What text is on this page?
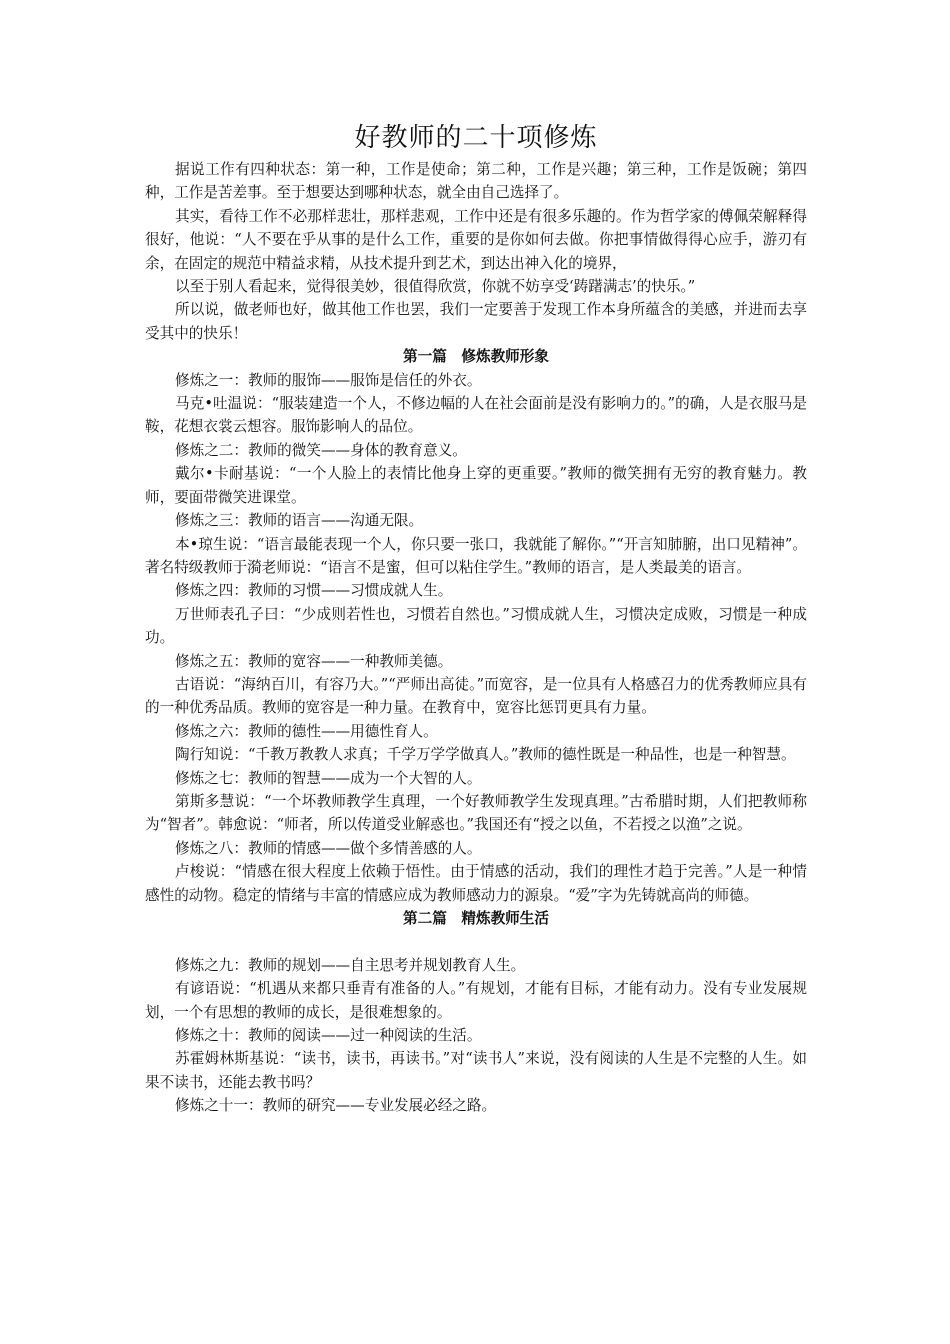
好教师的二十项修炼

据说工作有四种状态：第一种，工作是使命；第二种，工作是兴趣；第三种，工作是饭碗；第四种，工作是苦差事。至于想要达到哪种状态，就全由自己选择了。

其实，看待工作不必那样悲壮，那样悲观，工作中还是有很多乐趣的。作为哲学家的傅佩荣解释得很好，他说：“人不要在乎从事的是什么工作，重要的是你如何去做。你把事情做得得心应手，游刃有余，在固定的规范中精益求精，从技术提升到艺术，到达出神入化的境界，

以至于别人看起来，觉得很美妙，很值得欣赏，你就不妨享受‘踌躇满志’的快乐。”

所以说，做老师也好，做其他工作也罢，我们一定要善于发现工作本身所蕴含的美感，并进而去享受其中的快乐！

第一篇　修炼教师形象

修炼之一：教师的服饰——服饰是信任的外衣。

马克•吐温说：“服装建造一个人，不修边幅的人在社会面前是没有影响力的。”的确，人是衣服马是鞍，花想衣裳云想容。服饰影响人的品位。

修炼之二：教师的微笑——身体的教育意义。

戴尔•卡耐基说：“一个人脸上的表情比他身上穿的更重要。”教师的微笑拥有无穷的教育魅力。教师，要面带微笑进课堂。

修炼之三：教师的语言——沟通无限。

本•琼生说：“语言最能表现一个人，你只要一张口，我就能了解你。”“开言知肺腑，出口见精神”。著名特级教师于漪老师说：“语言不是蜜，但可以粘住学生。”教师的语言，是人类最美的语言。

修炼之四：教师的习惯——习惯成就人生。

万世师表孔子曰：“少成则若性也，习惯若自然也。”习惯成就人生，习惯决定成败，习惯是一种成功。

修炼之五：教师的宽容——一种教师美德。

古语说：“海纳百川，有容乃大。”“严师出高徒。”而宽容，是一位具有人格感召力的优秀教师应具有的一种优秀品质。教师的宽容是一种力量。在教育中，宽容比惩罚更具有力量。

修炼之六：教师的德性——用德性育人。

陶行知说：“千教万教教人求真；千学万学学做真人。”教师的德性既是一种品性，也是一种智慧。

修炼之七：教师的智慧——成为一个大智的人。

第斯多慧说：“一个坏教师教学生真理，一个好教师教学生发现真理。”古希腊时期，人们把教师称为“智者”。韩愈说：“师者，所以传道受业解惑也。”我国还有“授之以鱼，不若授之以渔”之说。

修炼之八：教师的情感——做个多情善感的人。

卢梭说：“情感在很大程度上依赖于悟性。由于情感的活动，我们的理性才趋于完善。”人是一种情感性的动物。稳定的情绪与丰富的情感应成为教师感动力的源泉。“爱”字为先铸就高尚的师德。

第二篇　精炼教师生活

修炼之九：教师的规划——自主思考并规划教育人生。

有谚语说：“机遇从来都只垂青有准备的人。”有规划，才能有目标，才能有动力。没有专业发展规划，一个有思想的教师的成长，是很难想象的。

修炼之十：教师的阅读——过一种阅读的生活。

苏霍姆林斯基说：“读书，读书，再读书。”对“读书人”来说，没有阅读的人生是不完整的人生。如果不读书，还能去教书吗？

修炼之十一：教师的研究——专业发展必经之路。
